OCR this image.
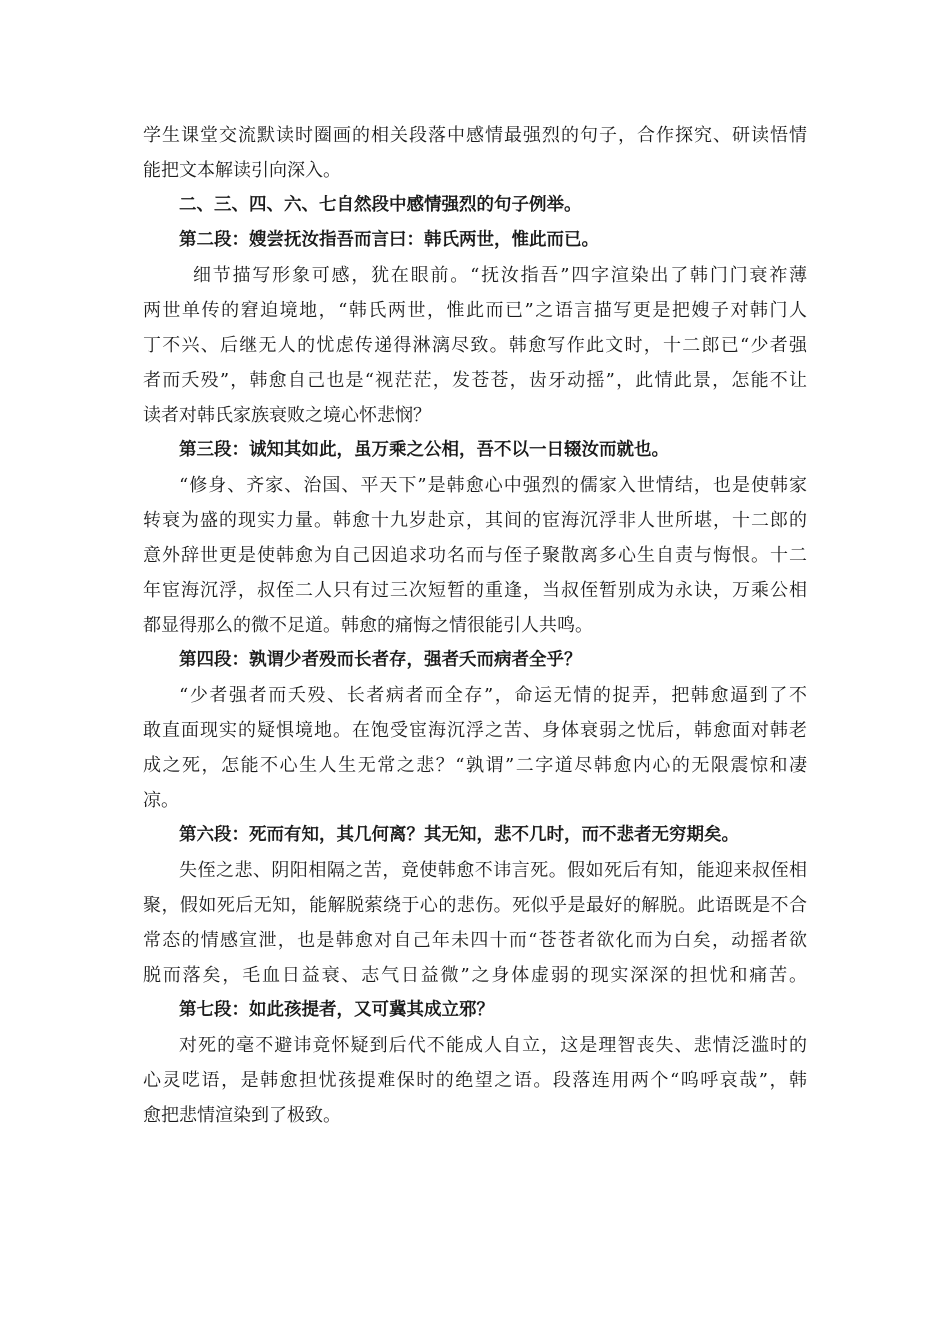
学生课堂交流默读时圈画的相关段落中感情最强烈的句子，合作探究、研读悟情
能把文本解读引向深入。
二、三、四、六、七自然段中感情强烈的句子例举。
第二段：嫂尝抚汝指吾而言曰：韩氏两世，惟此而已。
细节描写形象可感，犹在眼前。“抚汝指吾”四字渲染出了韩门门衰祚薄
两世单传的窘迫境地，“韩氏两世，惟此而已”之语言描写更是把嫂子对韩门人
丁不兴、后继无人的忧虑传递得淋漓尽致。韩愈写作此文时，十二郎已“少者强
者而夭殁”，韩愈自己也是“视茫茫，发苍苍，齿牙动摇”，此情此景，怎能不让
读者对韩氏家族衰败之境心怀悲悯？
第三段：诚知其如此，虽万乘之公相，吾不以一日辍汝而就也。
“修身、齐家、治国、平天下”是韩愈心中强烈的儒家入世情结，也是使韩家
转衰为盛的现实力量。韩愈十九岁赴京，其间的宦海沉浮非人世所堪，十二郎的
意外辞世更是使韩愈为自己因追求功名而与侄子聚散离多心生自责与悔恨。十二
年宦海沉浮，叔侄二人只有过三次短暂的重逢，当叔侄暂别成为永诀，万乘公相
都显得那么的微不足道。韩愈的痛悔之情很能引人共鸣。
第四段：孰谓少者殁而长者存，强者夭而病者全乎？
“少者强者而夭殁、长者病者而全存”，命运无情的捉弄，把韩愈逼到了不
敢直面现实的疑惧境地。在饱受宦海沉浮之苦、身体衰弱之忧后，韩愈面对韩老
成之死，怎能不心生人生无常之悲？“孰谓”二字道尽韩愈内心的无限震惊和凄
凉。
第六段：死而有知，其几何离？其无知，悲不几时，而不悲者无穷期矣。
失侄之悲、阴阳相隔之苦，竟使韩愈不讳言死。假如死后有知，能迎来叔侄相
聚，假如死后无知，能解脱萦绕于心的悲伤。死似乎是最好的解脱。此语既是不合
常态的情感宣泄，也是韩愈对自己年未四十而“苍苍者欲化而为白矣，动摇者欲
脱而落矣，毛血日益衰、志气日益微”之身体虚弱的现实深深的担忧和痛苦。
第七段：如此孩提者，又可冀其成立邪？
对死的毫不避讳竟怀疑到后代不能成人自立，这是理智丧失、悲情泛滥时的
心灵呓语，是韩愈担忧孩提难保时的绝望之语。段落连用两个“呜呼哀哉”，韩
愈把悲情渲染到了极致。
